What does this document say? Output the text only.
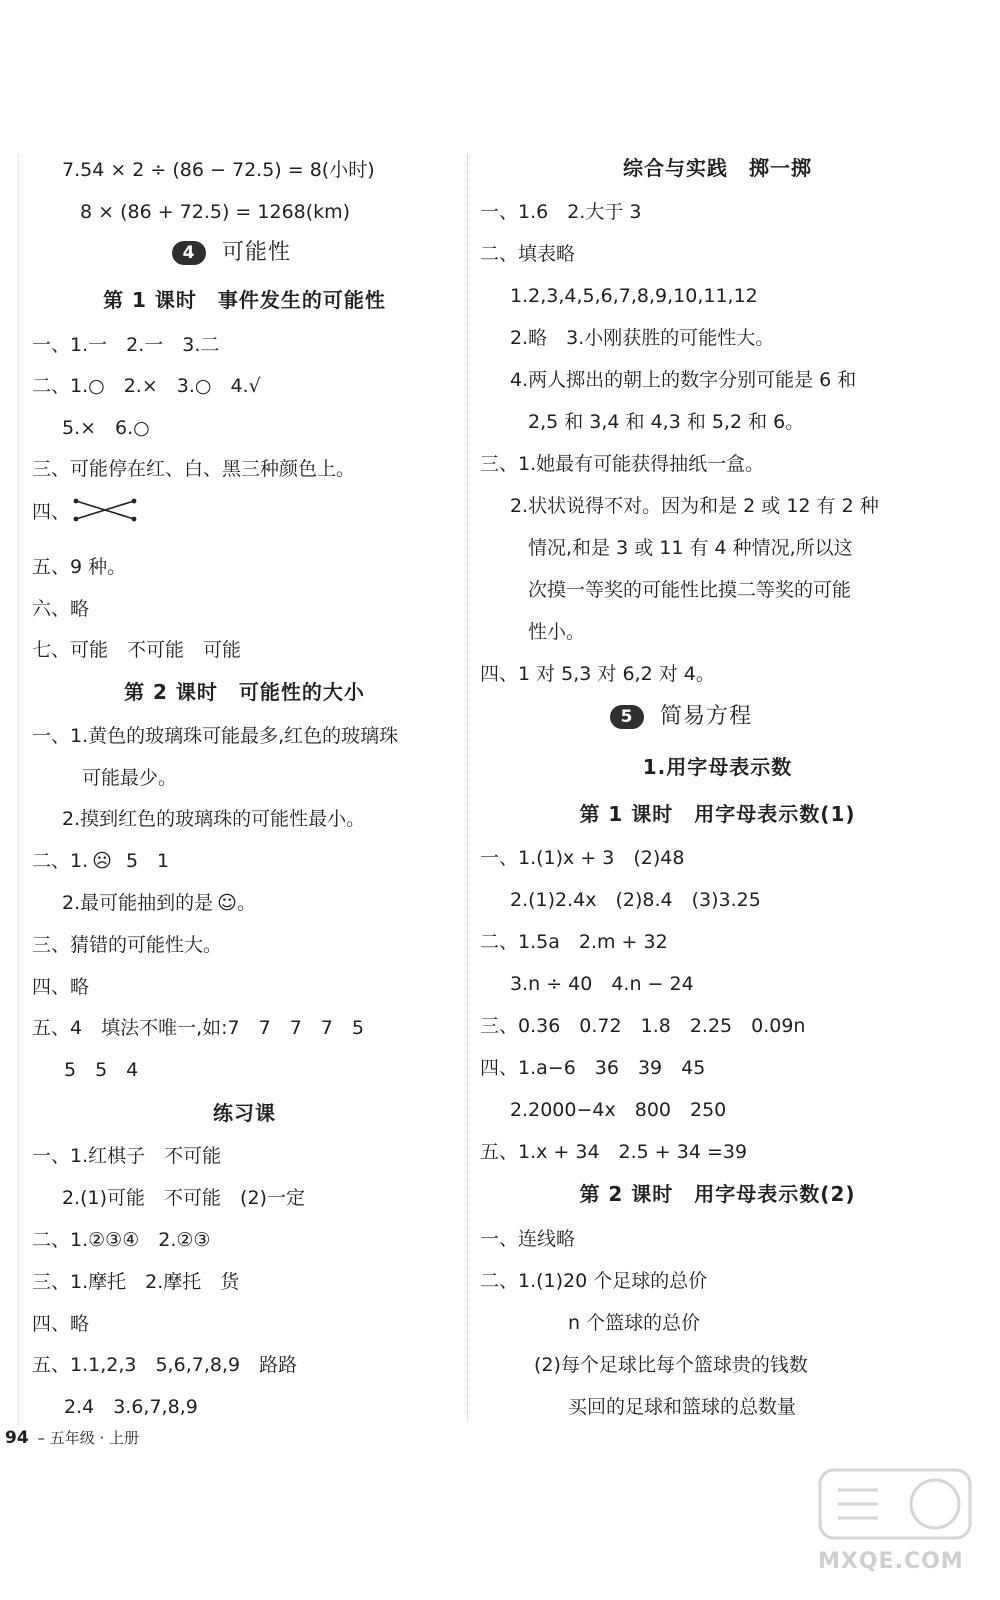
7.54 × 2 ÷ (86 − 72.5) = 8(小时)
8 × (86 + 72.5) = 1268(km)
4	可能性
第 1 课时　事件发生的可能性
一、1.一　2.一　3.二
二、1.○　2.×　3.○　4.√
5.×　6.○
三、可能停在红、白、黑三种颜色上。
四、
五、9 种。
六、略
七、可能　不可能　可能
第 2 课时　可能性的大小
一、1.黄色的玻璃珠可能最多,红色的玻璃珠
可能最少。
2.摸到红色的玻璃珠的可能性最小。
二、1. ☹ 5　1
2.最可能抽到的是 ☺。
三、猜错的可能性大。
四、略
五、4　填法不唯一,如:7　7　7　7　5
5　5　4
练习课
一、1.红棋子　不可能
2.(1)可能　不可能　(2)一定
二、1.②③④　2.②③
三、1.摩托　2.摩托　货
四、略
五、1.1,2,3　5,6,7,8,9　路路
2.4　3.6,7,8,9
综合与实践　掷一掷
一、1.6　2.大于 3
二、填表略
1.2,3,4,5,6,7,8,9,10,11,12
2.略　3.小刚获胜的可能性大。
4.两人掷出的朝上的数字分别可能是 6 和
2,5 和 3,4 和 4,3 和 5,2 和 6。
三、1.她最有可能获得抽纸一盒。
2.状状说得不对。因为和是 2 或 12 有 2 种
情况,和是 3 或 11 有 4 种情况,所以这
次摸一等奖的可能性比摸二等奖的可能
性小。
四、1 对 5,3 对 6,2 对 4。
5	简易方程
1.用字母表示数
第 1 课时　用字母表示数(1)
一、1.(1)x + 3　(2)48
2.(1)2.4x　(2)8.4　(3)3.25
二、1.5a　2.m + 32
3.n ÷ 40　4.n − 24
三、0.36　0.72　1.8　2.25　0.09n
四、1.a−6　36　39　45
2.2000−4x　800　250
五、1.x + 34　2.5 + 34 =39
第 2 课时　用字母表示数(2)
一、连线略
二、1.(1)20 个足球的总价
n 个篮球的总价
(2)每个足球比每个篮球贵的钱数
买回的足球和篮球的总数量
94 – 五年级 · 上册
MXQE.COM
